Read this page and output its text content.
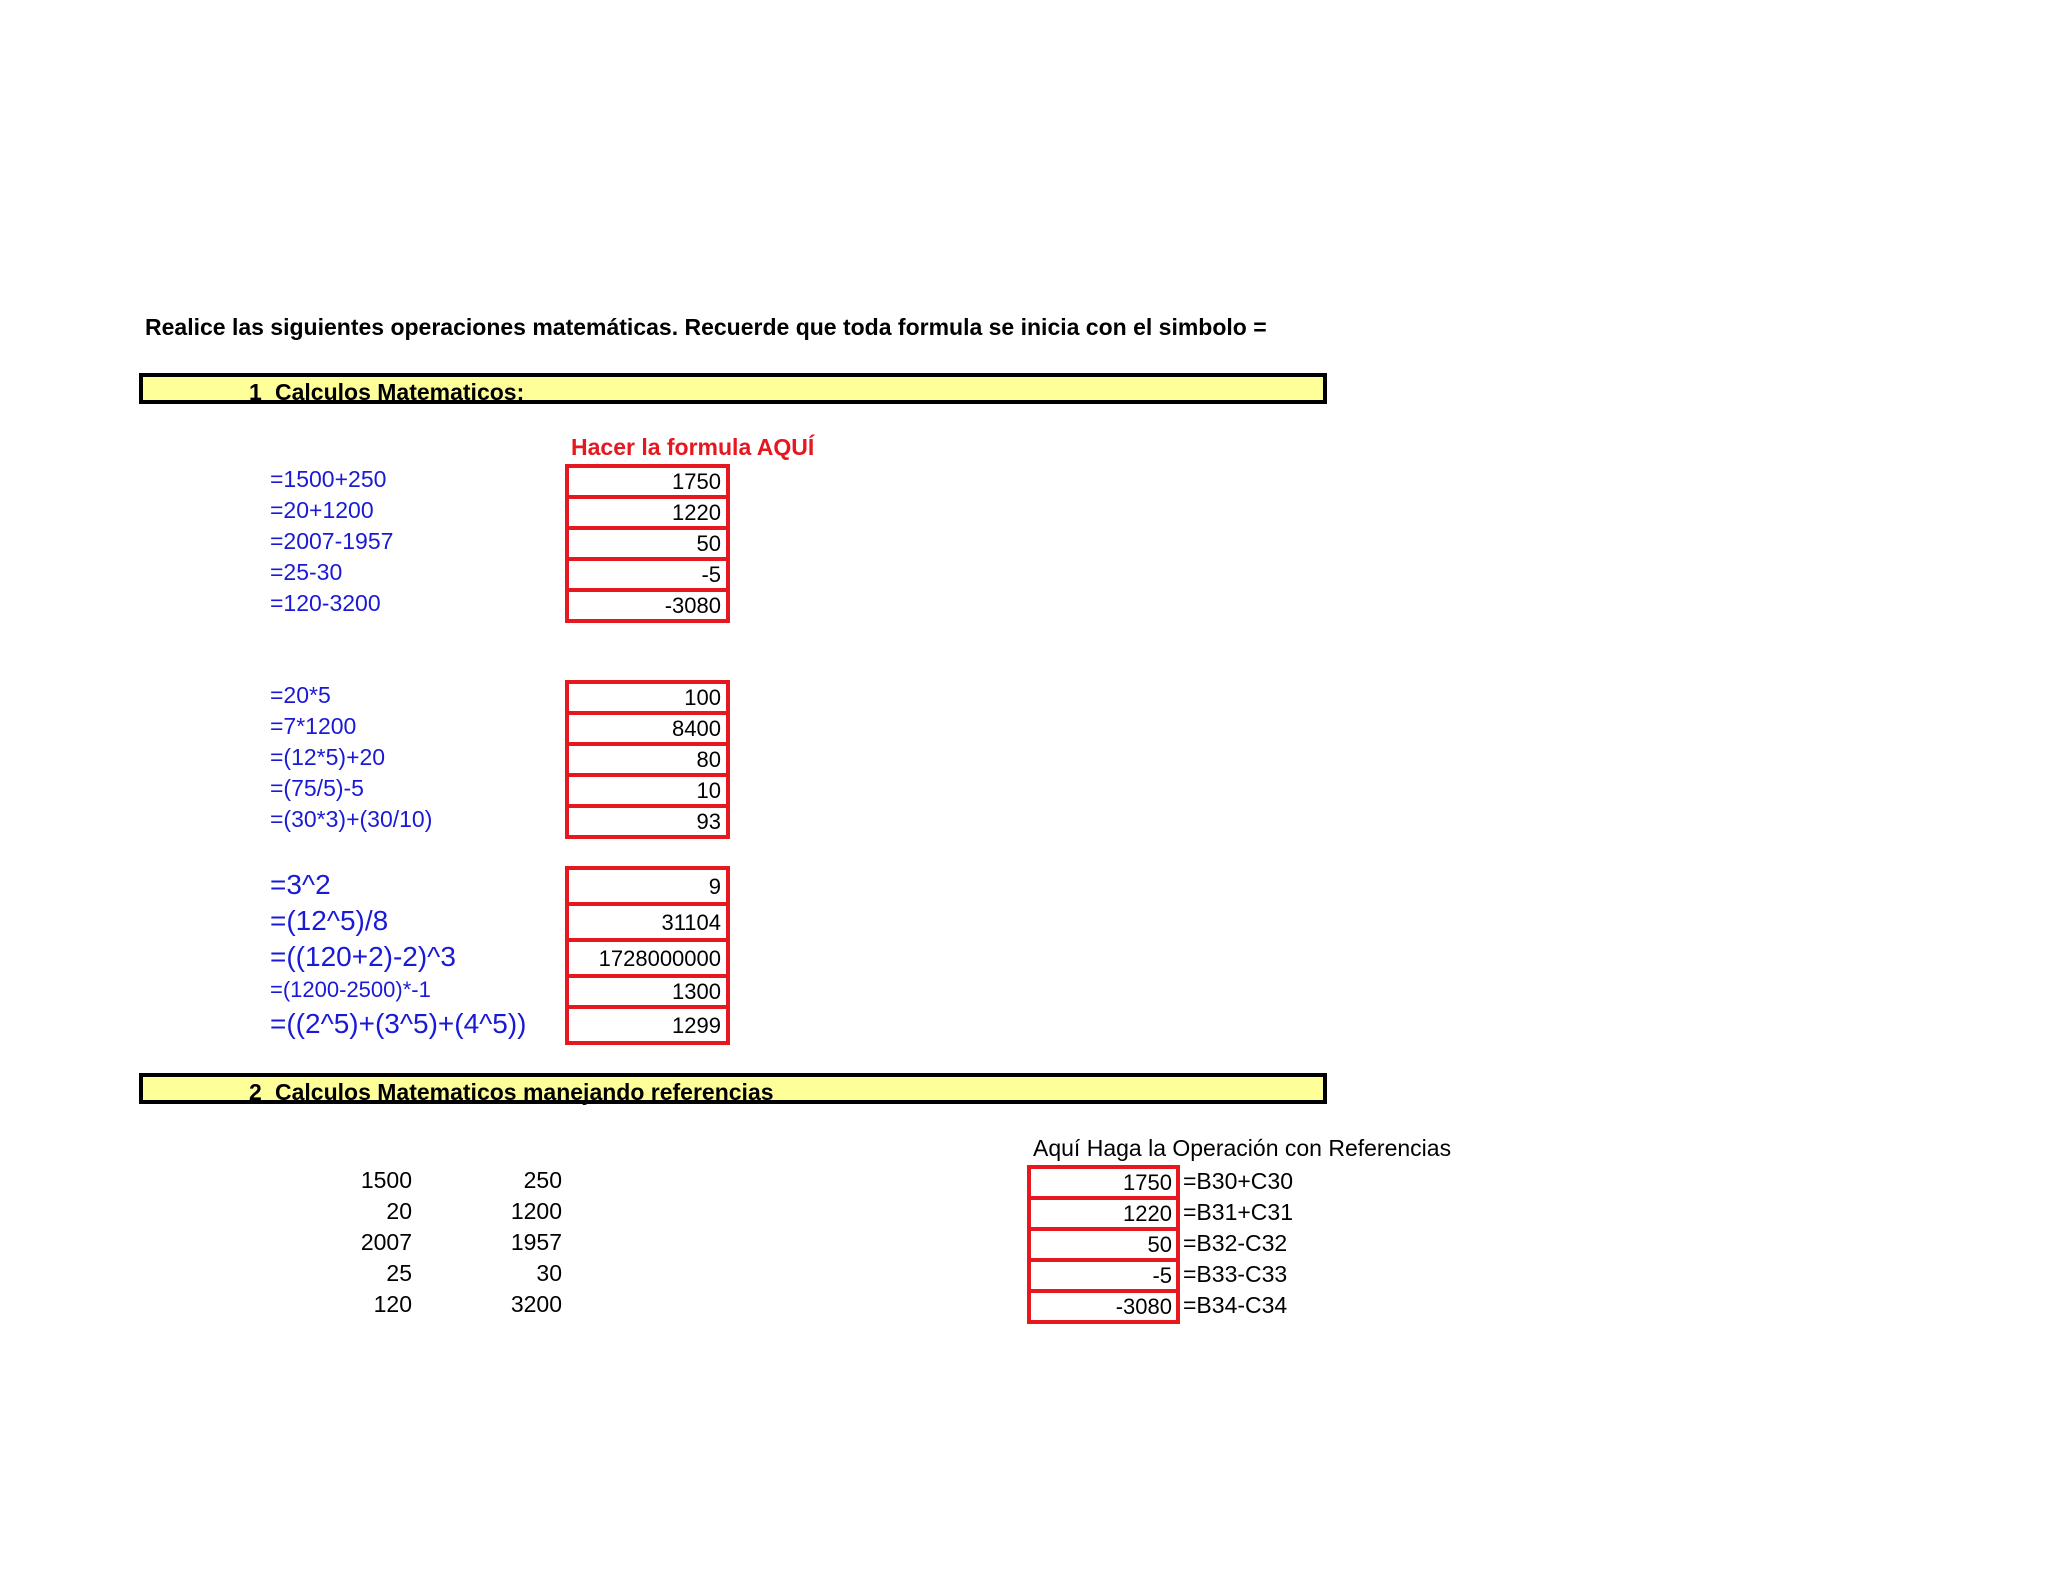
Realice las siguientes operaciones matemáticas. Recuerde que toda formula se inicia con el simbolo =
1 Calculos Matematicos:
Hacer la formula AQUÍ
=1500+250
=20+1200
=2007-1957
=25-30
=120-3200
1750
1220
50
-5
-3080
=20*5
=7*1200
=(12*5)+20
=(75/5)-5
=(30*3)+(30/10)
100
8400
80
10
93
=3^2
=(12^5)/8
=((120+2)-2)^3
=(1200-2500)*-1
=((2^5)+(3^5)+(4^5))
9
31104
1728000000
1300
1299
2 Calculos Matematicos manejando referencias
Aquí Haga la Operación con Referencias
1500
20
2007
25
120
250
1200
1957
30
3200
1750
1220
50
-5
-3080
=B30+C30
=B31+C31
=B32-C32
=B33-C33
=B34-C34
